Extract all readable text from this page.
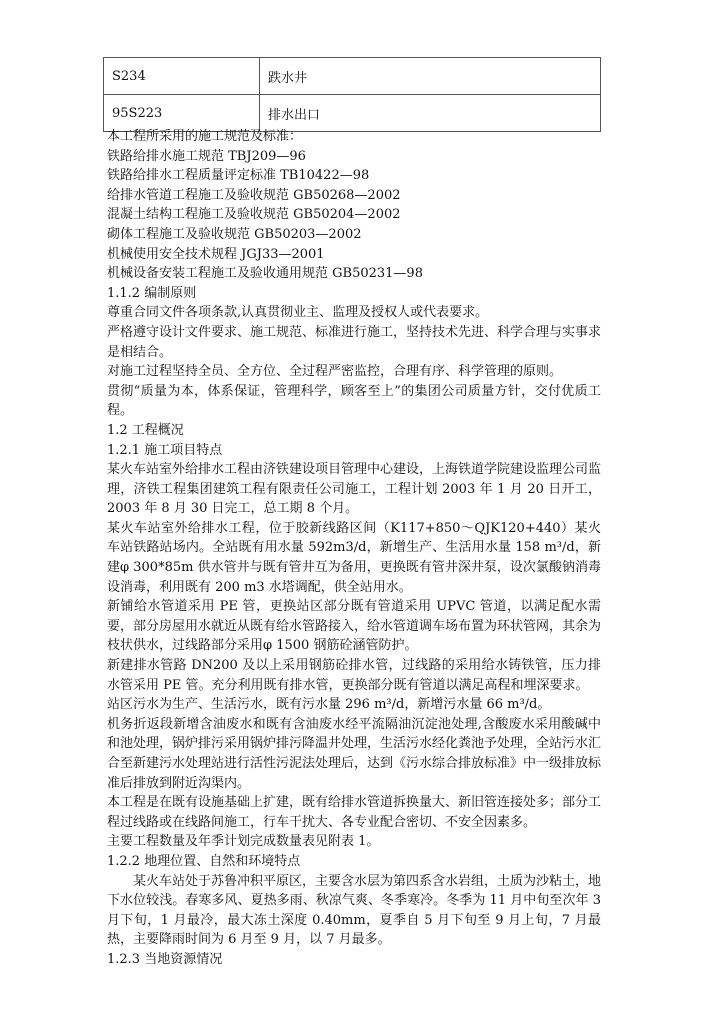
S234	跌水井
95S223	排水出口
本工程所采用的施工规范及标准：
铁路给排水施工规范 TBJ209—96
铁路给排水工程质量评定标准 TB10422—98
给排水管道工程施工及验收规范 GB50268—2002
混凝土结构工程施工及验收规范 GB50204—2002
砌体工程施工及验收规范 GB50203—2002
机械使用安全技术规程 JGJ33—2001
机械设备安装工程施工及验收通用规范 GB50231—98
1.1.2 编制原则
尊重合同文件各项条款,认真贯彻业主、监理及授权人或代表要求。
严格遵守设计文件要求、施工规范、标准进行施工，坚持技术先进、科学合理与实事求是相结合。
对施工过程坚持全员、全方位、全过程严密监控，合理有序、科学管理的原则。
贯彻“质量为本，体系保证，管理科学，顾客至上”的集团公司质量方针，交付优质工程。
1.2 工程概况
1.2.1 施工项目特点
某火车站室外给排水工程由济铁建设项目管理中心建设，上海铁道学院建设监理公司监理，济铁工程集团建筑工程有限责任公司施工，工程计划 2003 年 1 月 20 日开工，2003 年 8 月 30 日完工，总工期 8 个月。
某火车站室外给排水工程，位于胶新线路区间（K117+850～QJK120+440）某火车站铁路站场内。全站既有用水量 592m3/d，新增生产、生活用水量 158 m³/d，新建φ 300*85m 供水管井与既有管井互为备用，更换既有管井深井泵，设次氯酸钠消毒设消毒，利用既有 200 m3 水塔调配，供全站用水。
新铺给水管道采用 PE 管，更换站区部分既有管道采用 UPVC 管道，以满足配水需要，部分房屋用水就近从既有给水管路接入，给水管道调车场布置为环状管网，其余为枝状供水，过线路部分采用φ 1500 钢筋砼涵管防护。
新建排水管路 DN200 及以上采用钢筋砼排水管，过线路的采用给水铸铁管，压力排水管采用 PE 管。充分利用既有排水管，更换部分既有管道以满足高程和埋深要求。
站区污水为生产、生活污水，既有污水量 296 m³/d，新增污水量 66 m³/d。
机务折返段新增含油废水和既有含油废水经平流隔油沉淀池处理,含酸废水采用酸碱中和池处理，锅炉排污采用锅炉排污降温井处理，生活污水经化粪池予处理，全站污水汇合至新建污水处理站进行活性污泥法处理后，达到《污水综合排放标准》中一级排放标准后排放到附近沟渠内。
本工程是在既有设施基础上扩建，既有给排水管道拆换量大、新旧管连接处多；部分工程过线路或在线路间施工，行车干扰大、各专业配合密切、不安全因素多。
主要工程数量及年季计划完成数量表见附表 1。
1.2.2 地理位置、自然和环境特点
某火车站处于苏鲁冲积平原区，主要含水层为第四系含水岩组，土质为沙粘土，地下水位较浅。春寒多风、夏热多雨、秋凉气爽、冬季寒冷。冬季为 11 月中旬至次年 3 月下旬，1 月最冷，最大冻土深度 0.40mm，夏季自 5 月下旬至 9 月上旬，7 月最热，主要降雨时间为 6 月至 9 月，以 7 月最多。
1.2.3 当地资源情况
